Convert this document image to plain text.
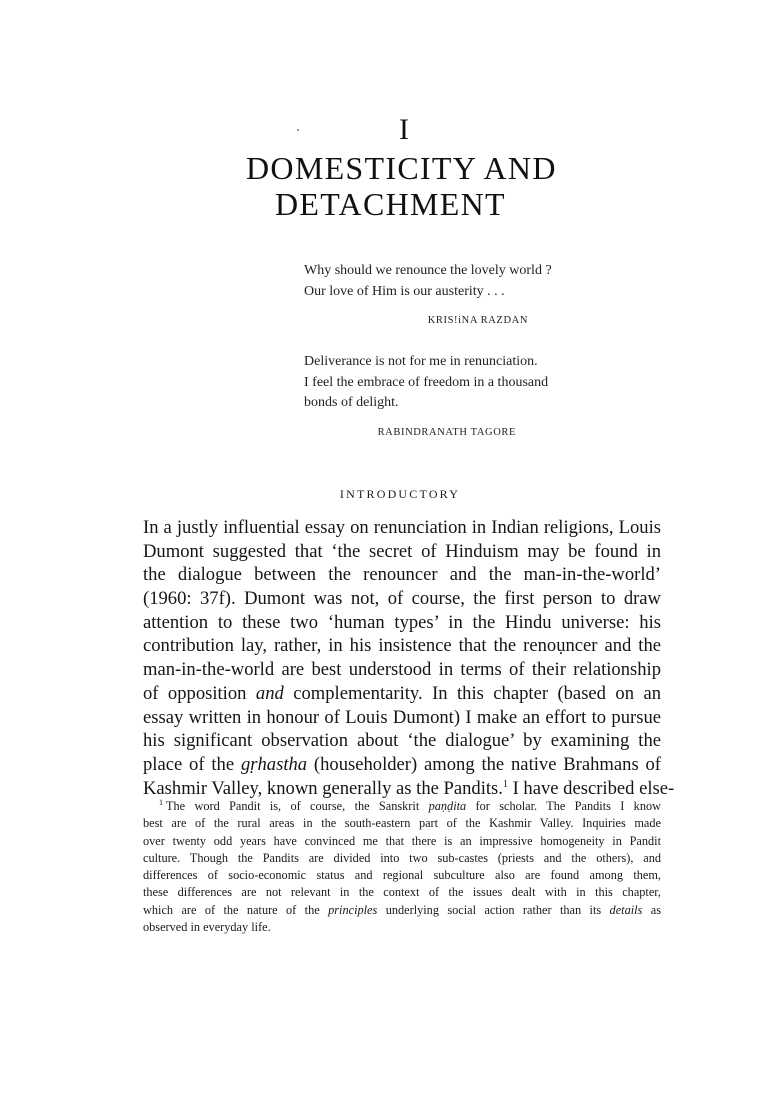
I
DOMESTICITY AND
DETACHMENT
Why should we renounce the lovely world ?
Our love of Him is our austerity . . .
KRIS!iNA RAZDAN
Deliverance is not for me in renunciation.
I feel the embrace of freedom in a thousand
bonds of delight.
RABINDRANATH TAGORE
INTRODUCTORY
In a justly influential essay on renunciation in Indian religions, Louis
Dumont suggested that ‘the secret of Hinduism may be found in
the dialogue between the renouncer and the man-in-the-world’
(1960: 37f). Dumont was not, of course, the first person to draw
attention to these two ‘human types’ in the Hindu universe: his
contribution lay, rather, in his insistence that the renoụncer and the
man-in-the-world are best understood in terms of their relationship
of opposition and complementarity. In this chapter (based on an
essay written in honour of Louis Dumont) I make an effort to pursue
his significant observation about ‘the dialogue’ by examining the
place of the gṛhastha (householder) among the native Brahmans of
Kashmir Valley, known generally as the Pandits.$^1$ I have described else-
$^1$ The word Pandit is, of course, the Sanskrit paṇḍita for scholar. The Pandits I know
best are of the rural areas in the south-eastern part of the Kashmir Valley. Inquiries made
over twenty odd years have convinced me that there is an impressive homogeneity in Pandit
culture. Though the Pandits are divided into two sub-castes (priests and the others), and
differences of socio-economic status and regional subculture also are found among them,
these differences are not relevant in the context of the issues dealt with in this chapter,
which are of the nature of the principles underlying social action rather than its details as
observed in everyday life.
